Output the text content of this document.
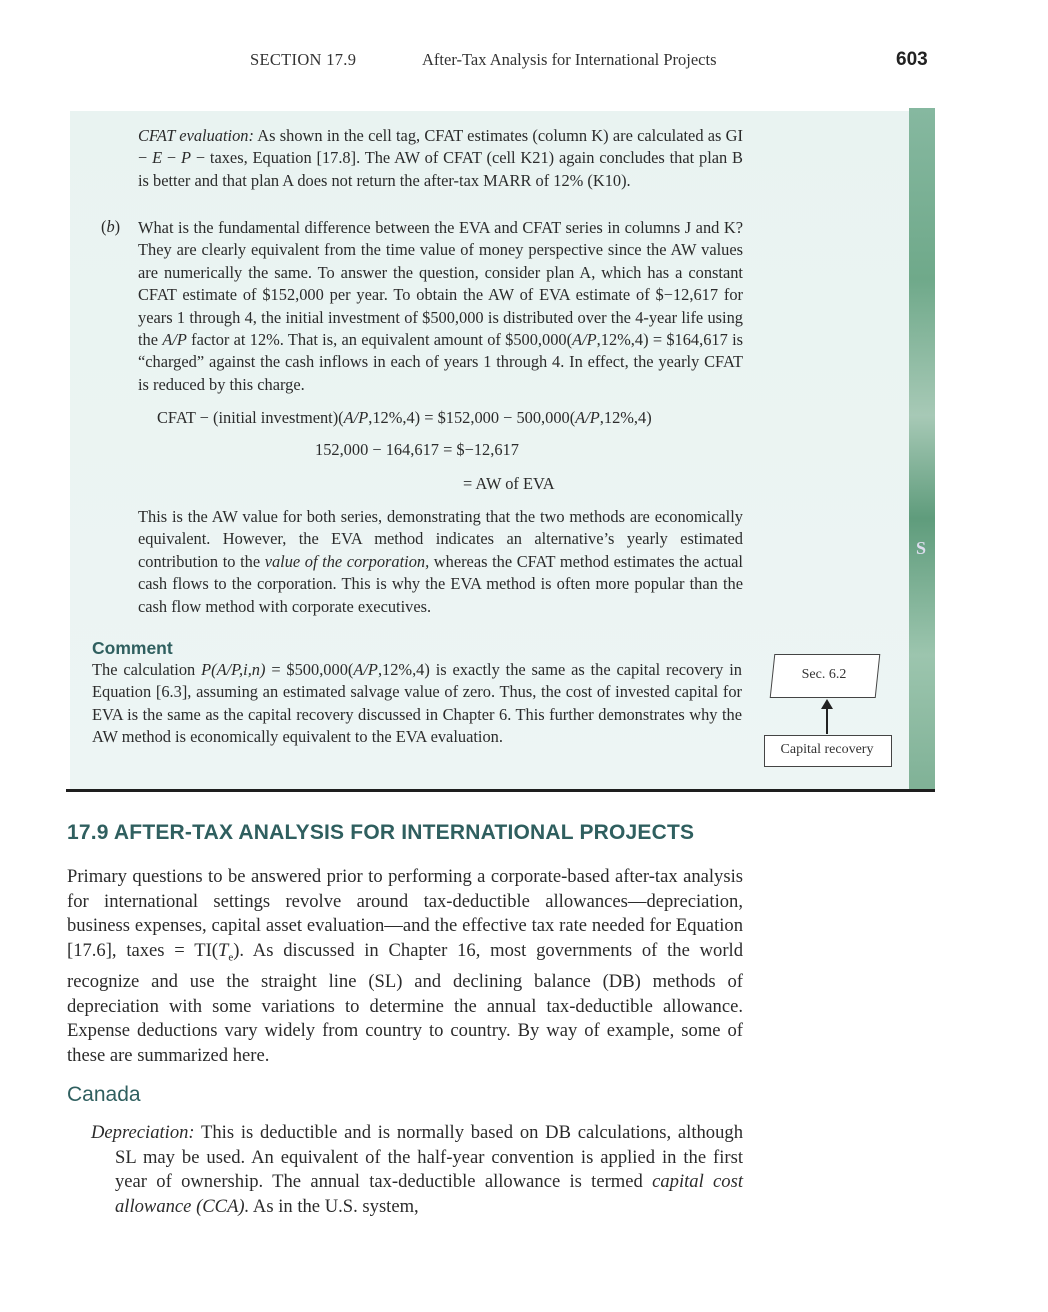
SECTION 17.9	After-Tax Analysis for International Projects	603
S
CFAT evaluation: As shown in the cell tag, CFAT estimates (column K) are calculated as GI − E − P − taxes, Equation [17.8]. The AW of CFAT (cell K21) again concludes that plan B is better and that plan A does not return the after-tax MARR of 12% (K10).
(b) What is the fundamental difference between the EVA and CFAT series in columns J and K? They are clearly equivalent from the time value of money perspective since the AW values are numerically the same. To answer the question, consider plan A, which has a constant CFAT estimate of $152,000 per year. To obtain the AW of EVA estimate of $−12,617 for years 1 through 4, the initial investment of $500,000 is distributed over the 4-year life using the A/P factor at 12%. That is, an equivalent amount of $500,000(A/P,12%,4) = $164,617 is “charged” against the cash inflows in each of years 1 through 4. In effect, the yearly CFAT is reduced by this charge.
CFAT − (initial investment)(A/P,12%,4) = $152,000 − 500,000(A/P,12%,4)
152,000 − 164,617 = $−12,617
= AW of EVA
This is the AW value for both series, demonstrating that the two methods are economically equivalent. However, the EVA method indicates an alternative’s yearly estimated contribution to the value of the corporation, whereas the CFAT method estimates the actual cash flows to the corporation. This is why the EVA method is often more popular than the cash flow method with corporate executives.
Comment
The calculation P(A/P,i,n) = $500,000(A/P,12%,4) is exactly the same as the capital recovery in Equation [6.3], assuming an estimated salvage value of zero. Thus, the cost of invested capital for EVA is the same as the capital recovery discussed in Chapter 6. This further demonstrates why the AW method is economically equivalent to the EVA evaluation.
Sec. 6.2
Capital recovery
17.9 AFTER-TAX ANALYSIS FOR INTERNATIONAL PROJECTS
Primary questions to be answered prior to performing a corporate-based after-tax analysis for international settings revolve around tax-deductible allowances—depreciation, business expenses, capital asset evaluation—and the effective tax rate needed for Equation [17.6], taxes = $TI(T_e)$. As discussed in Chapter 16, most governments of the world recognize and use the straight line (SL) and declining balance (DB) methods of depreciation with some variations to determine the annual tax-deductible allowance. Expense deductions vary widely from country to country. By way of example, some of these are summarized here.
Canada
Depreciation: This is deductible and is normally based on DB calculations, although SL may be used. An equivalent of the half-year convention is applied in the first year of ownership. The annual tax-deductible allowance is termed capital cost allowance (CCA). As in the U.S. system,
